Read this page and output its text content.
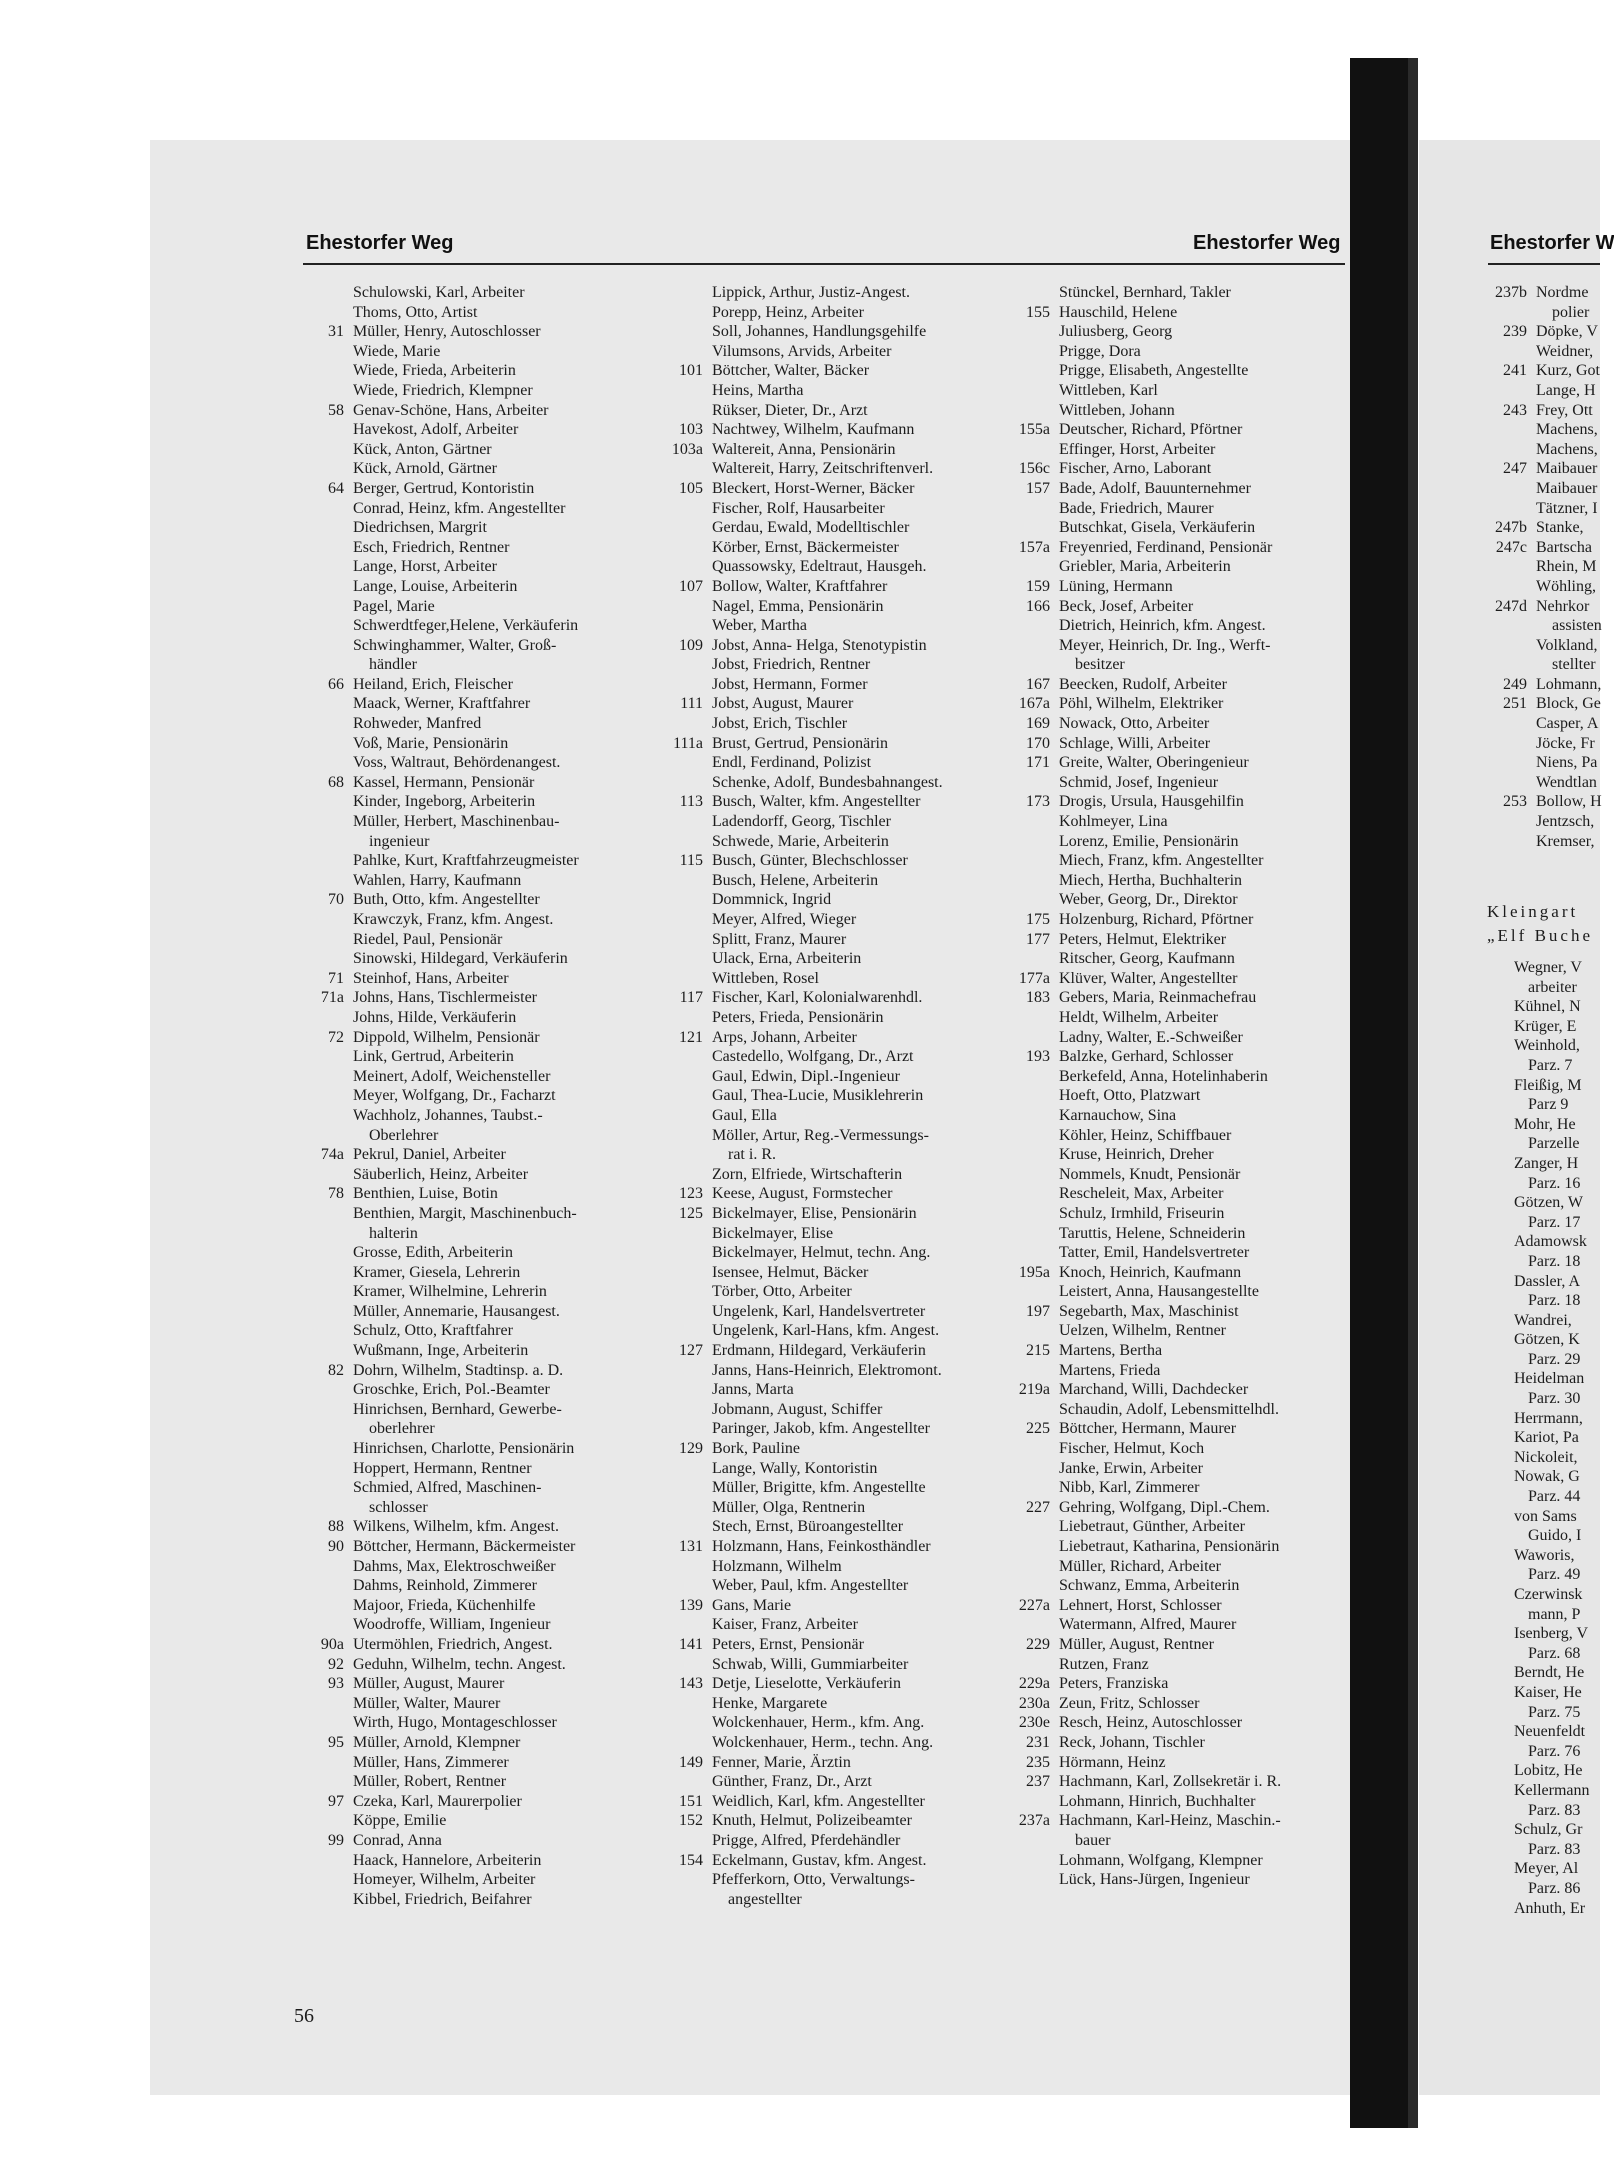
Ehestorfer Weg	Ehestorfer Weg	Ehestorfer W
Schulowski, Karl, Arbeiter
Thoms, Otto, Artist
31 Müller, Henry, Autoschlosser
Wiede, Marie
Wiede, Frieda, Arbeiterin
Wiede, Friedrich, Klempner
58 Genav-Schöne, Hans, Arbeiter
Havekost, Adolf, Arbeiter
Kück, Anton, Gärtner
Kück, Arnold, Gärtner
64 Berger, Gertrud, Kontoristin
Conrad, Heinz, kfm. Angestellter
Diedrichsen, Margrit
Esch, Friedrich, Rentner
Lange, Horst, Arbeiter
Lange, Louise, Arbeiterin
Pagel, Marie
Schwerdtfeger,Helene, Verkäuferin
Schwinghammer, Walter, Groß-
händler
66 Heiland, Erich, Fleischer
Maack, Werner, Kraftfahrer
Rohweder, Manfred
Voß, Marie, Pensionärin
Voss, Waltraut, Behördenangest.
68 Kassel, Hermann, Pensionär
Kinder, Ingeborg, Arbeiterin
Müller, Herbert, Maschinenbau-
ingenieur
Pahlke, Kurt, Kraftfahrzeugmeister
Wahlen, Harry, Kaufmann
70 Buth, Otto, kfm. Angestellter
Krawczyk, Franz, kfm. Angest.
Riedel, Paul, Pensionär
Sinowski, Hildegard, Verkäuferin
71 Steinhof, Hans, Arbeiter
71a Johns, Hans, Tischlermeister
Johns, Hilde, Verkäuferin
72 Dippold, Wilhelm, Pensionär
Link, Gertrud, Arbeiterin
Meinert, Adolf, Weichensteller
Meyer, Wolfgang, Dr., Facharzt
Wachholz, Johannes, Taubst.-
Oberlehrer
74a Pekrul, Daniel, Arbeiter
Säuberlich, Heinz, Arbeiter
78 Benthien, Luise, Botin
Benthien, Margit, Maschinenbuch-
halterin
Grosse, Edith, Arbeiterin
Kramer, Giesela, Lehrerin
Kramer, Wilhelmine, Lehrerin
Müller, Annemarie, Hausangest.
Schulz, Otto, Kraftfahrer
Wußmann, Inge, Arbeiterin
82 Dohrn, Wilhelm, Stadtinsp. a. D.
Groschke, Erich, Pol.-Beamter
Hinrichsen, Bernhard, Gewerbe-
oberlehrer
Hinrichsen, Charlotte, Pensionärin
Hoppert, Hermann, Rentner
Schmied, Alfred, Maschinen-
schlosser
88 Wilkens, Wilhelm, kfm. Angest.
90 Böttcher, Hermann, Bäckermeister
Dahms, Max, Elektroschweißer
Dahms, Reinhold, Zimmerer
Majoor, Frieda, Küchenhilfe
Woodroffe, William, Ingenieur
90a Utermöhlen, Friedrich, Angest.
92 Geduhn, Wilhelm, techn. Angest.
93 Müller, August, Maurer
Müller, Walter, Maurer
Wirth, Hugo, Montageschlosser
95 Müller, Arnold, Klempner
Müller, Hans, Zimmerer
Müller, Robert, Rentner
97 Czeka, Karl, Maurerpolier
Köppe, Emilie
99 Conrad, Anna
Haack, Hannelore, Arbeiterin
Homeyer, Wilhelm, Arbeiter
Kibbel, Friedrich, Beifahrer
Lippick, Arthur, Justiz-Angest.
Porepp, Heinz, Arbeiter
Soll, Johannes, Handlungsgehilfe
Vilumsons, Arvids, Arbeiter
101 Böttcher, Walter, Bäcker
Heins, Martha
Rükser, Dieter, Dr., Arzt
103 Nachtwey, Wilhelm, Kaufmann
103a Waltereit, Anna, Pensionärin
Waltereit, Harry, Zeitschriftenverl.
105 Bleckert, Horst-Werner, Bäcker
Fischer, Rolf, Hausarbeiter
Gerdau, Ewald, Modelltischler
Körber, Ernst, Bäckermeister
Quassowsky, Edeltraut, Hausgeh.
107 Bollow, Walter, Kraftfahrer
Nagel, Emma, Pensionärin
Weber, Martha
109 Jobst, Anna- Helga, Stenotypistin
Jobst, Friedrich, Rentner
Jobst, Hermann, Former
111 Jobst, August, Maurer
Jobst, Erich, Tischler
111a Brust, Gertrud, Pensionärin
Endl, Ferdinand, Polizist
Schenke, Adolf, Bundesbahnangest.
113 Busch, Walter, kfm. Angestellter
Ladendorff, Georg, Tischler
Schwede, Marie, Arbeiterin
115 Busch, Günter, Blechschlosser
Busch, Helene, Arbeiterin
Dommnick, Ingrid
Meyer, Alfred, Wieger
Splitt, Franz, Maurer
Ulack, Erna, Arbeiterin
Wittleben, Rosel
117 Fischer, Karl, Kolonialwarenhdl.
Peters, Frieda, Pensionärin
121 Arps, Johann, Arbeiter
Castedello, Wolfgang, Dr., Arzt
Gaul, Edwin, Dipl.-Ingenieur
Gaul, Thea-Lucie, Musiklehrerin
Gaul, Ella
Möller, Artur, Reg.-Vermessungs-
rat i. R.
Zorn, Elfriede, Wirtschafterin
123 Keese, August, Formstecher
125 Bickelmayer, Elise, Pensionärin
Bickelmayer, Elise
Bickelmayer, Helmut, techn. Ang.
Isensee, Helmut, Bäcker
Törber, Otto, Arbeiter
Ungelenk, Karl, Handelsvertreter
Ungelenk, Karl-Hans, kfm. Angest.
127 Erdmann, Hildegard, Verkäuferin
Janns, Hans-Heinrich, Elektromont.
Janns, Marta
Jobmann, August, Schiffer
Paringer, Jakob, kfm. Angestellter
129 Bork, Pauline
Lange, Wally, Kontoristin
Müller, Brigitte, kfm. Angestellte
Müller, Olga, Rentnerin
Stech, Ernst, Büroangestellter
131 Holzmann, Hans, Feinkosthändler
Holzmann, Wilhelm
Weber, Paul, kfm. Angestellter
139 Gans, Marie
Kaiser, Franz, Arbeiter
141 Peters, Ernst, Pensionär
Schwab, Willi, Gummiarbeiter
143 Detje, Lieselotte, Verkäuferin
Henke, Margarete
Wolckenhauer, Herm., kfm. Ang.
Wolckenhauer, Herm., techn. Ang.
149 Fenner, Marie, Ärztin
Günther, Franz, Dr., Arzt
151 Weidlich, Karl, kfm. Angestellter
152 Knuth, Helmut, Polizeibeamter
Prigge, Alfred, Pferdehändler
154 Eckelmann, Gustav, kfm. Angest.
Pfefferkorn, Otto, Verwaltungs-
angestellter
Stünckel, Bernhard, Takler
155 Hauschild, Helene
Juliusberg, Georg
Prigge, Dora
Prigge, Elisabeth, Angestellte
Wittleben, Karl
Wittleben, Johann
155a Deutscher, Richard, Pförtner
Effinger, Horst, Arbeiter
156c Fischer, Arno, Laborant
157 Bade, Adolf, Bauunternehmer
Bade, Friedrich, Maurer
Butschkat, Gisela, Verkäuferin
157a Freyenried, Ferdinand, Pensionär
Griebler, Maria, Arbeiterin
159 Lüning, Hermann
166 Beck, Josef, Arbeiter
Dietrich, Heinrich, kfm. Angest.
Meyer, Heinrich, Dr. Ing., Werft-
besitzer
167 Beecken, Rudolf, Arbeiter
167a Pöhl, Wilhelm, Elektriker
169 Nowack, Otto, Arbeiter
170 Schlage, Willi, Arbeiter
171 Greite, Walter, Oberingenieur
Schmid, Josef, Ingenieur
173 Drogis, Ursula, Hausgehilfin
Kohlmeyer, Lina
Lorenz, Emilie, Pensionärin
Miech, Franz, kfm. Angestellter
Miech, Hertha, Buchhalterin
Weber, Georg, Dr., Direktor
175 Holzenburg, Richard, Pförtner
177 Peters, Helmut, Elektriker
Ritscher, Georg, Kaufmann
177a Klüver, Walter, Angestellter
183 Gebers, Maria, Reinmachefrau
Heldt, Wilhelm, Arbeiter
Ladny, Walter, E.-Schweißer
193 Balzke, Gerhard, Schlosser
Berkefeld, Anna, Hotelinhaberin
Hoeft, Otto, Platzwart
Karnauchow, Sina
Köhler, Heinz, Schiffbauer
Kruse, Heinrich, Dreher
Nommels, Knudt, Pensionär
Rescheleit, Max, Arbeiter
Schulz, Irmhild, Friseurin
Taruttis, Helene, Schneiderin
Tatter, Emil, Handelsvertreter
195a Knoch, Heinrich, Kaufmann
Leistert, Anna, Hausangestellte
197 Segebarth, Max, Maschinist
Uelzen, Wilhelm, Rentner
215 Martens, Bertha
Martens, Frieda
219a Marchand, Willi, Dachdecker
Schaudin, Adolf, Lebensmittelhdl.
225 Böttcher, Hermann, Maurer
Fischer, Helmut, Koch
Janke, Erwin, Arbeiter
Nibb, Karl, Zimmerer
227 Gehring, Wolfgang, Dipl.-Chem.
Liebetraut, Günther, Arbeiter
Liebetraut, Katharina, Pensionärin
Müller, Richard, Arbeiter
Schwanz, Emma, Arbeiterin
227a Lehnert, Horst, Schlosser
Watermann, Alfred, Maurer
229 Müller, August, Rentner
Rutzen, Franz
229a Peters, Franziska
230a Zeun, Fritz, Schlosser
230e Resch, Heinz, Autoschlosser
231 Reck, Johann, Tischler
235 Hörmann, Heinz
237 Hachmann, Karl, Zollsekretär i. R.
Lohmann, Hinrich, Buchhalter
237a Hachmann, Karl-Heinz, Maschin.-
bauer
Lohmann, Wolfgang, Klempner
Lück, Hans-Jürgen, Ingenieur
237b Nordme
polier
239 Döpke, V
Weidner,
241 Kurz, Got
Lange, H
243 Frey, Ott
Machens,
Machens,
247 Maibauer
Maibauer
Tätzner, I
247b Stanke,
247c Bartscha
Rhein, M
Wöhling,
247d Nehrkor
assisten
Volkland,
stellter
249 Lohmann,
251 Block, Ge
Casper, A
Jöcke, Fr
Niens, Pa
Wendtlan
253 Bollow, H
Jentzsch,
Kremser,
Kleingart
„Elf Buche
Wegner, V
arbeiter
Kühnel, N
Krüger, E
Weinhold,
Parz. 7
Fleißig, M
Parz 9
Mohr, He
Parzelle
Zanger, H
Parz. 16
Götzen, W
Parz. 17
Adamowsk
Parz. 18
Dassler, A
Parz. 18
Wandrei,
Götzen, K
Parz. 29
Heidelman
Parz. 30
Herrmann,
Kariot, Pa
Nickoleit,
Nowak, G
Parz. 44
von Sams
Guido, I
Waworis,
Parz. 49
Czerwinsk
mann, P
Isenberg, V
Parz. 68
Berndt, He
Kaiser, He
Parz. 75
Neuenfeldt
Parz. 76
Lobitz, He
Kellermann
Parz. 83
Schulz, Gr
Parz. 83
Meyer, Al
Parz. 86
Anhuth, Er
56
